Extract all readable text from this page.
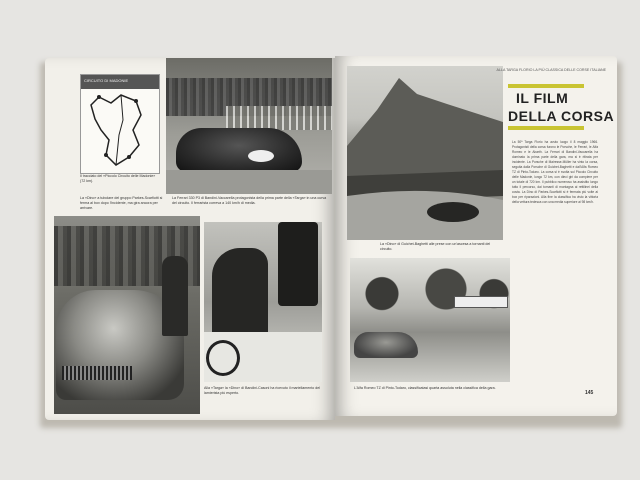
CIRCUITO DI MADONIE
Il tracciato del «Piccolo Circuito delle Madonie» (72 km).
La Ferrari 330 P3 di Bandini-Vaccarella protagonista della prima parte della «Targa» in una curva del circuito. Il ferrarista correva a 140 km/h di media.
La «Dino» a tubolare del gruppo Parkes-Scarfiotti si ferma al box dopo l'incidente, ma gira ancora per arrivare.
Alla «Targa» la «Dino» di Bandini-Casoni ha ricevuto il martellamento del lamierista più esperto.
La «Dino» di Guichet-Baghetti alle prese con un'ascesa a tornanti del circuito.
L'Alfa Romeo TZ di Pinto-Todaro, classificatasi quarta assoluta nella classifica della gara.
ALLA TARGA FLORIO LA PIÙ CLASSICA DELLE CORSE ITALIANE
IL FILM
DELLA CORSA
La 50ª Targa Florio ha avuto luogo il 8 maggio 1966. Protagonisti della corsa furono le Porsche, le Ferrari, le Alfa Romeo e le Abarth. La Ferrari di Bandini-Vaccarella ha dominato la prima parte della gara, ma si è ritirata per incidente. La Porsche di Mairesse-Müller ha vinto la corsa, seguita dalla Porsche di Guichet-Baghetti e dall'Alfa Romeo TZ di Pinto-Todaro. La corsa si è svolta sul Piccolo Circuito delle Madonie, lungo 72 km, con dieci giri da compiere per un totale di 720 km. Il pubblico numeroso ha assistito lungo tutto il percorso, dai tornanti di montagna ai rettilinei della costa. La Dino di Parkes-Scarfiotti si è fermata più volte ai box per riparazioni. Alla fine la classifica ha visto la vittoria della vettura tedesca con una media superiore ai 98 km/h.
145
